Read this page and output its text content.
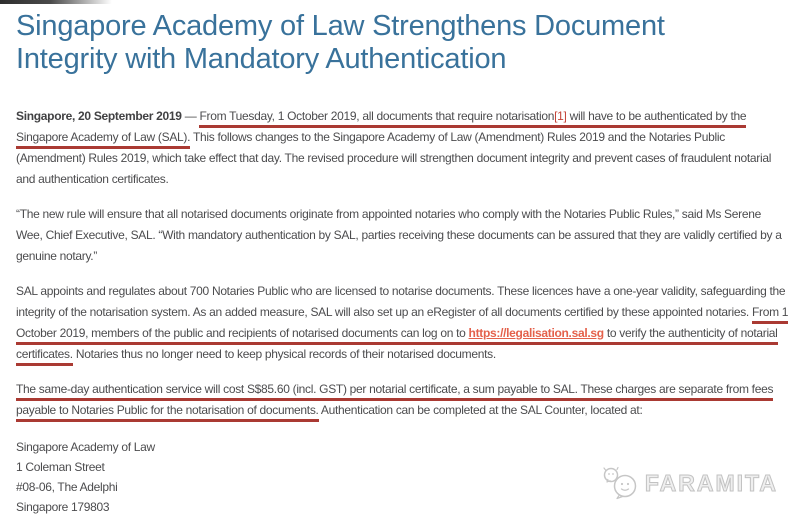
Singapore Academy of Law Strengthens Document Integrity with Mandatory Authentication

Singapore, 20 September 2019 — From Tuesday, 1 October 2019, all documents that require notarisation[1] will have to be authenticated by the Singapore Academy of Law (SAL). This follows changes to the Singapore Academy of Law (Amendment) Rules 2019 and the Notaries Public (Amendment) Rules 2019, which take effect that day. The revised procedure will strengthen document integrity and prevent cases of fraudulent notarial and authentication certificates.

“The new rule will ensure that all notarised documents originate from appointed notaries who comply with the Notaries Public Rules,” said Ms Serene Wee, Chief Executive, SAL. “With mandatory authentication by SAL, parties receiving these documents can be assured that they are validly certified by a genuine notary.”

SAL appoints and regulates about 700 Notaries Public who are licensed to notarise documents. These licences have a one-year validity, safeguarding the integrity of the notarisation system. As an added measure, SAL will also set up an eRegister of all documents certified by these appointed notaries. From 1 October 2019, members of the public and recipients of notarised documents can log on to https://legalisation.sal.sg to verify the authenticity of notarial certificates. Notaries thus no longer need to keep physical records of their notarised documents.

The same-day authentication service will cost S$85.60 (incl. GST) per notarial certificate, a sum payable to SAL. These charges are separate from fees payable to Notaries Public for the notarisation of documents. Authentication can be completed at the SAL Counter, located at:

Singapore Academy of Law
1 Coleman Street
#08-06, The Adelphi
Singapore 179803
FARAMITA
